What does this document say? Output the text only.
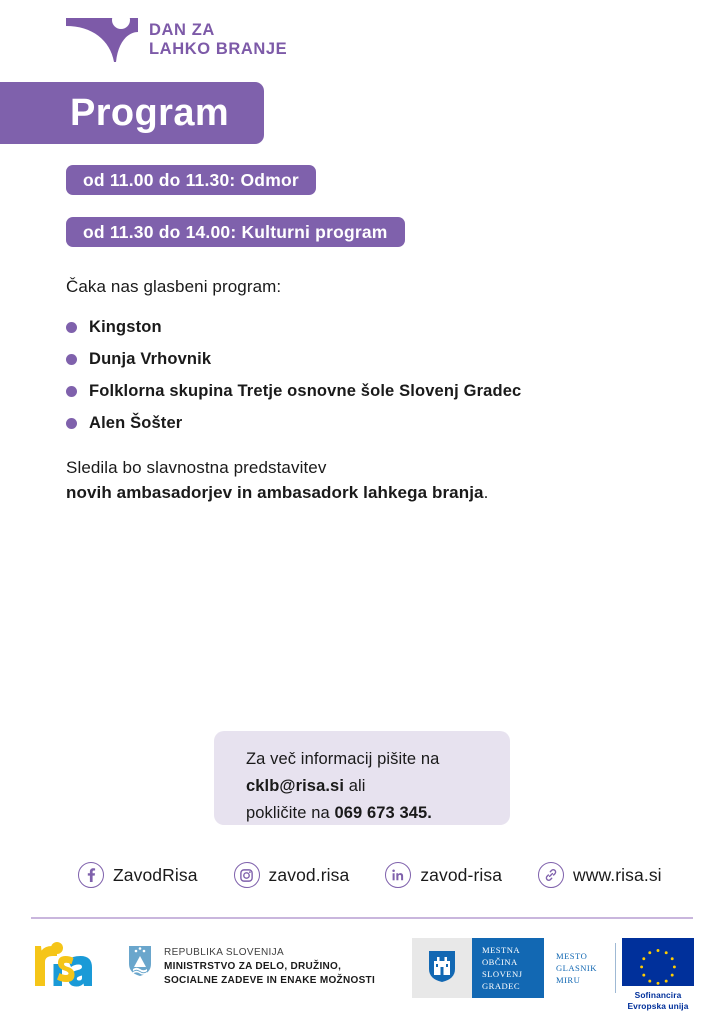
DAN ZA
LAHKO BRANJE
Program
od 11.00 do 11.30: Odmor
od 11.30 do 14.00: Kulturni program
Čaka nas glasbeni program:
Kingston
Dunja Vrhovnik
Folklorna skupina Tretje osnovne šole Slovenj Gradec
Alen Šošter
Sledila bo slavnostna predstavitev
novih ambasadorjev in ambasadork lahkega branja.

Za več informacij pišite na

cklb@risa.si ali

pokličite na 069 673 345.

ZavodRisa	zavod.risa	zavod-risa	www.risa.si
REPUBLIKA SLOVENIJA
MINISTRSTVO ZA DELO, DRUŽINO,
SOCIALNE ZADEVE IN ENAKE MOŽNOSTI
MESTNA
OBČINA
SLOVENJ
GRADEC
MESTO
GLASNIK
MIRU
Sofinancira
Evropska unija
